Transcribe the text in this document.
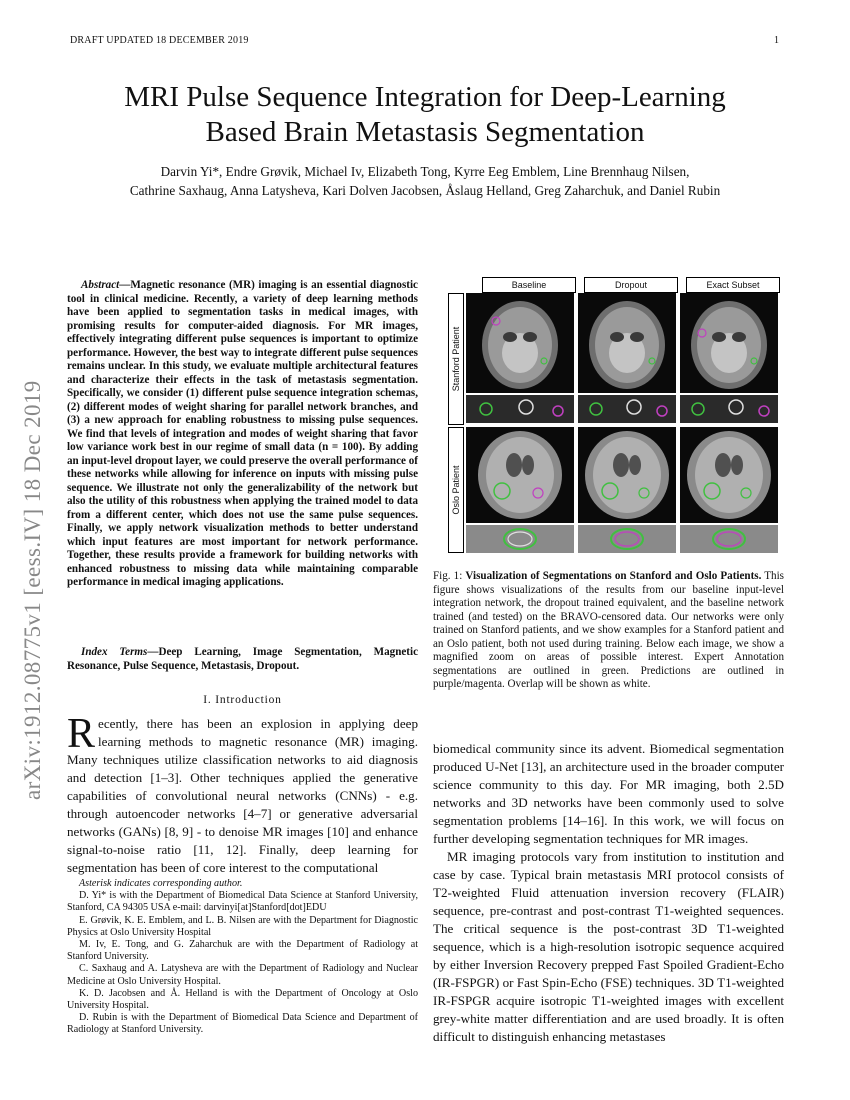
DRAFT UPDATED 18 DECEMBER 2019	1
MRI Pulse Sequence Integration for Deep-Learning
Based Brain Metastasis Segmentation
Darvin Yi*, Endre Grøvik, Michael Iv, Elizabeth Tong, Kyrre Eeg Emblem, Line Brennhaug Nilsen,
Cathrine Saxhaug, Anna Latysheva, Kari Dolven Jacobsen, Åslaug Helland, Greg Zaharchuk, and Daniel Rubin
arXiv:1912.08775v1 [eess.IV] 18 Dec 2019
Abstract—Magnetic resonance (MR) imaging is an essential diagnostic tool in clinical medicine. Recently, a variety of deep learning methods have been applied to segmentation tasks in medical images, with promising results for computer-aided diagnosis. For MR images, effectively integrating different pulse sequences is important to optimize performance. However, the best way to integrate different pulse sequences remains unclear. In this study, we evaluate multiple architectural features and characterize their effects in the task of metastasis segmentation. Specifically, we consider (1) different pulse sequence integration schemas, (2) different modes of weight sharing for parallel network branches, and (3) a new approach for enabling robustness to missing pulse sequences. We find that levels of integration and modes of weight sharing that favor low variance work best in our regime of small data (n = 100). By adding an input-level dropout layer, we could preserve the overall performance of these networks while allowing for inference on inputs with missing pulse sequence. We illustrate not only the generalizability of the network but also the utility of this robustness when applying the trained model to data from a different center, which does not use the same pulse sequences. Finally, we apply network visualization methods to better understand which input features are most important for network performance. Together, these results provide a framework for building networks with enhanced robustness to missing data while maintaining comparable performance in medical imaging applications.
Index Terms—Deep Learning, Image Segmentation, Magnetic Resonance, Pulse Sequence, Metastasis, Dropout.
I. Introduction
Recently, there has been an explosion in applying deep learning methods to magnetic resonance (MR) imaging. Many techniques utilize classification networks to aid diagnosis and detection [1–3]. Other techniques applied the generative capabilities of convolutional neural networks (CNNs) - e.g. through autoencoder networks [4–7] or generative adversarial networks (GANs) [8, 9] - to denoise MR images [10] and enhance signal-to-noise ratio [11, 12]. Finally, deep learning for segmentation has been of core interest to the computational

Asterisk indicates corresponding author.

D. Yi* is with the Department of Biomedical Data Science at Stanford University, Stanford, CA 94305 USA e-mail: darvinyi[at]Stanford[dot]EDU

E. Grøvik, K. E. Emblem, and L. B. Nilsen are with the Department for Diagnostic Physics at Oslo University Hospital

M. Iv, E. Tong, and G. Zaharchuk are with the Department of Radiology at Stanford University.

C. Saxhaug and A. Latysheva are with the Department of Radiology and Nuclear Medicine at Oslo University Hospital.

K. D. Jacobsen and Å. Helland is with the Department of Oncology at Oslo University Hospital.

D. Rubin is with the Department of Biomedical Data Science and Department of Radiology at Stanford University.

Baseline	Dropout	Exact Subset
Stanford Patient
Oslo Patient
Fig. 1: Visualization of Segmentations on Stanford and Oslo Patients. This figure shows visualizations of the results from our baseline input-level integration network, the dropout trained equivalent, and the baseline network trained (and tested) on the BRAVO-censored data. Our networks were only trained on Stanford patients, and we show examples for a Stanford patient and an Oslo patient, both not used during training. Below each image, we show a magnified zoom on areas of possible interest. Expert Annotation segmentations are outlined in green. Predictions are outlined in purple/magenta. Overlap will be shown as white.

biomedical community since its advent. Biomedical segmentation produced U-Net [13], an architecture used in the broader computer science community to this day. For MR imaging, both 2.5D networks and 3D networks have been commonly used to solve segmentation problems [14–16]. In this work, we will focus on further developing segmentation techniques for MR images.

MR imaging protocols vary from institution to institution and case by case. Typical brain metastasis MRI protocol consists of T2-weighted Fluid attenuation inversion recovery (FLAIR) sequence, pre-contrast and post-contrast T1-weighted sequences. The critical sequence is the post-contrast 3D T1-weighted sequence, which is a high-resolution isotropic sequence acquired by either Inversion Recovery prepped Fast Spoiled Gradient-Echo (IR-FSPGR) or Fast Spin-Echo (FSE) techniques. 3D T1-weighted IR-FSPGR acquire isotropic T1-weighted images with excellent grey-white matter differentiation and are used broadly. It is often difficult to distinguish enhancing metastases
